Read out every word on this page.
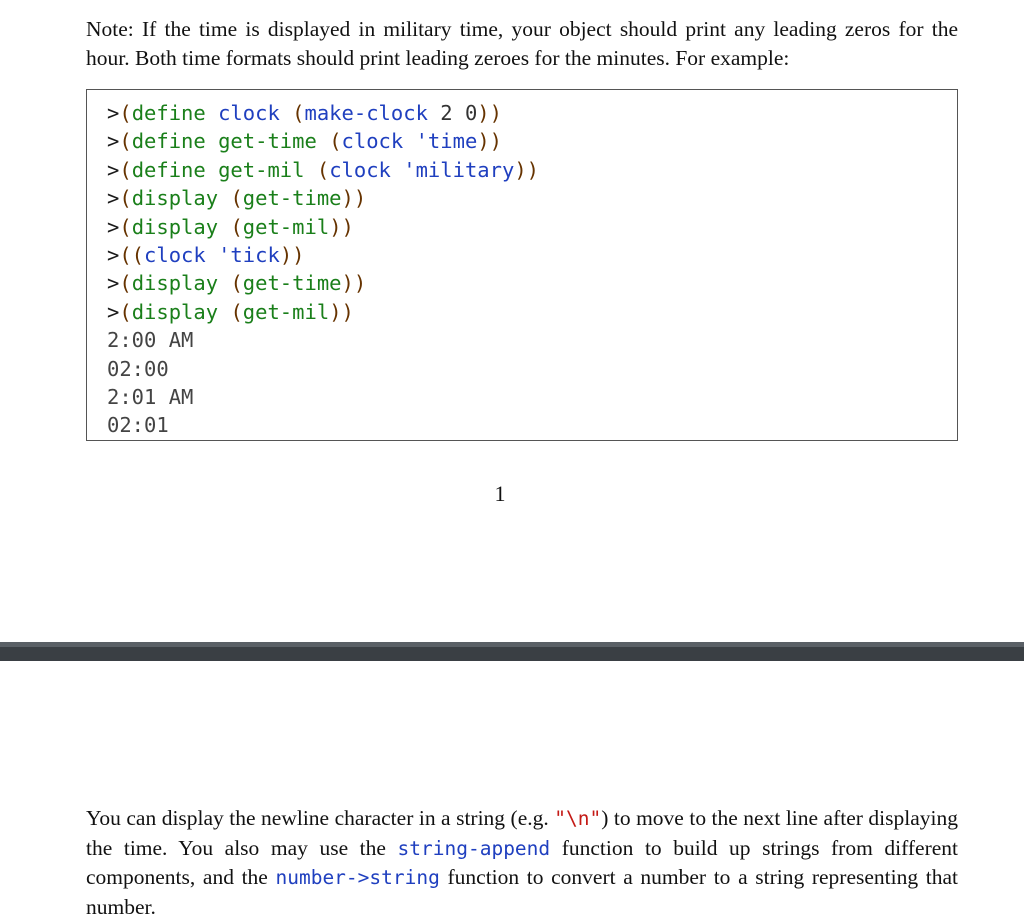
Note: If the time is displayed in military time, your object should print any leading zeros for the hour. Both time formats should print leading zeroes for the minutes. For example:

>(define clock (make-clock 2 0))
>(define get-time (clock 'time))
>(define get-mil (clock 'military))
>(display (get-time))
>(display (get-mil))
>((clock 'tick))
>(display (get-time))
>(display (get-mil))
2:00 AM
02:00
2:01 AM
02:01
1

You can display the newline character in a string (e.g. "\n") to move to the next line after displaying the time. You also may use the string-append function to build up strings from different components, and the number->string function to convert a number to a string representing that number.
